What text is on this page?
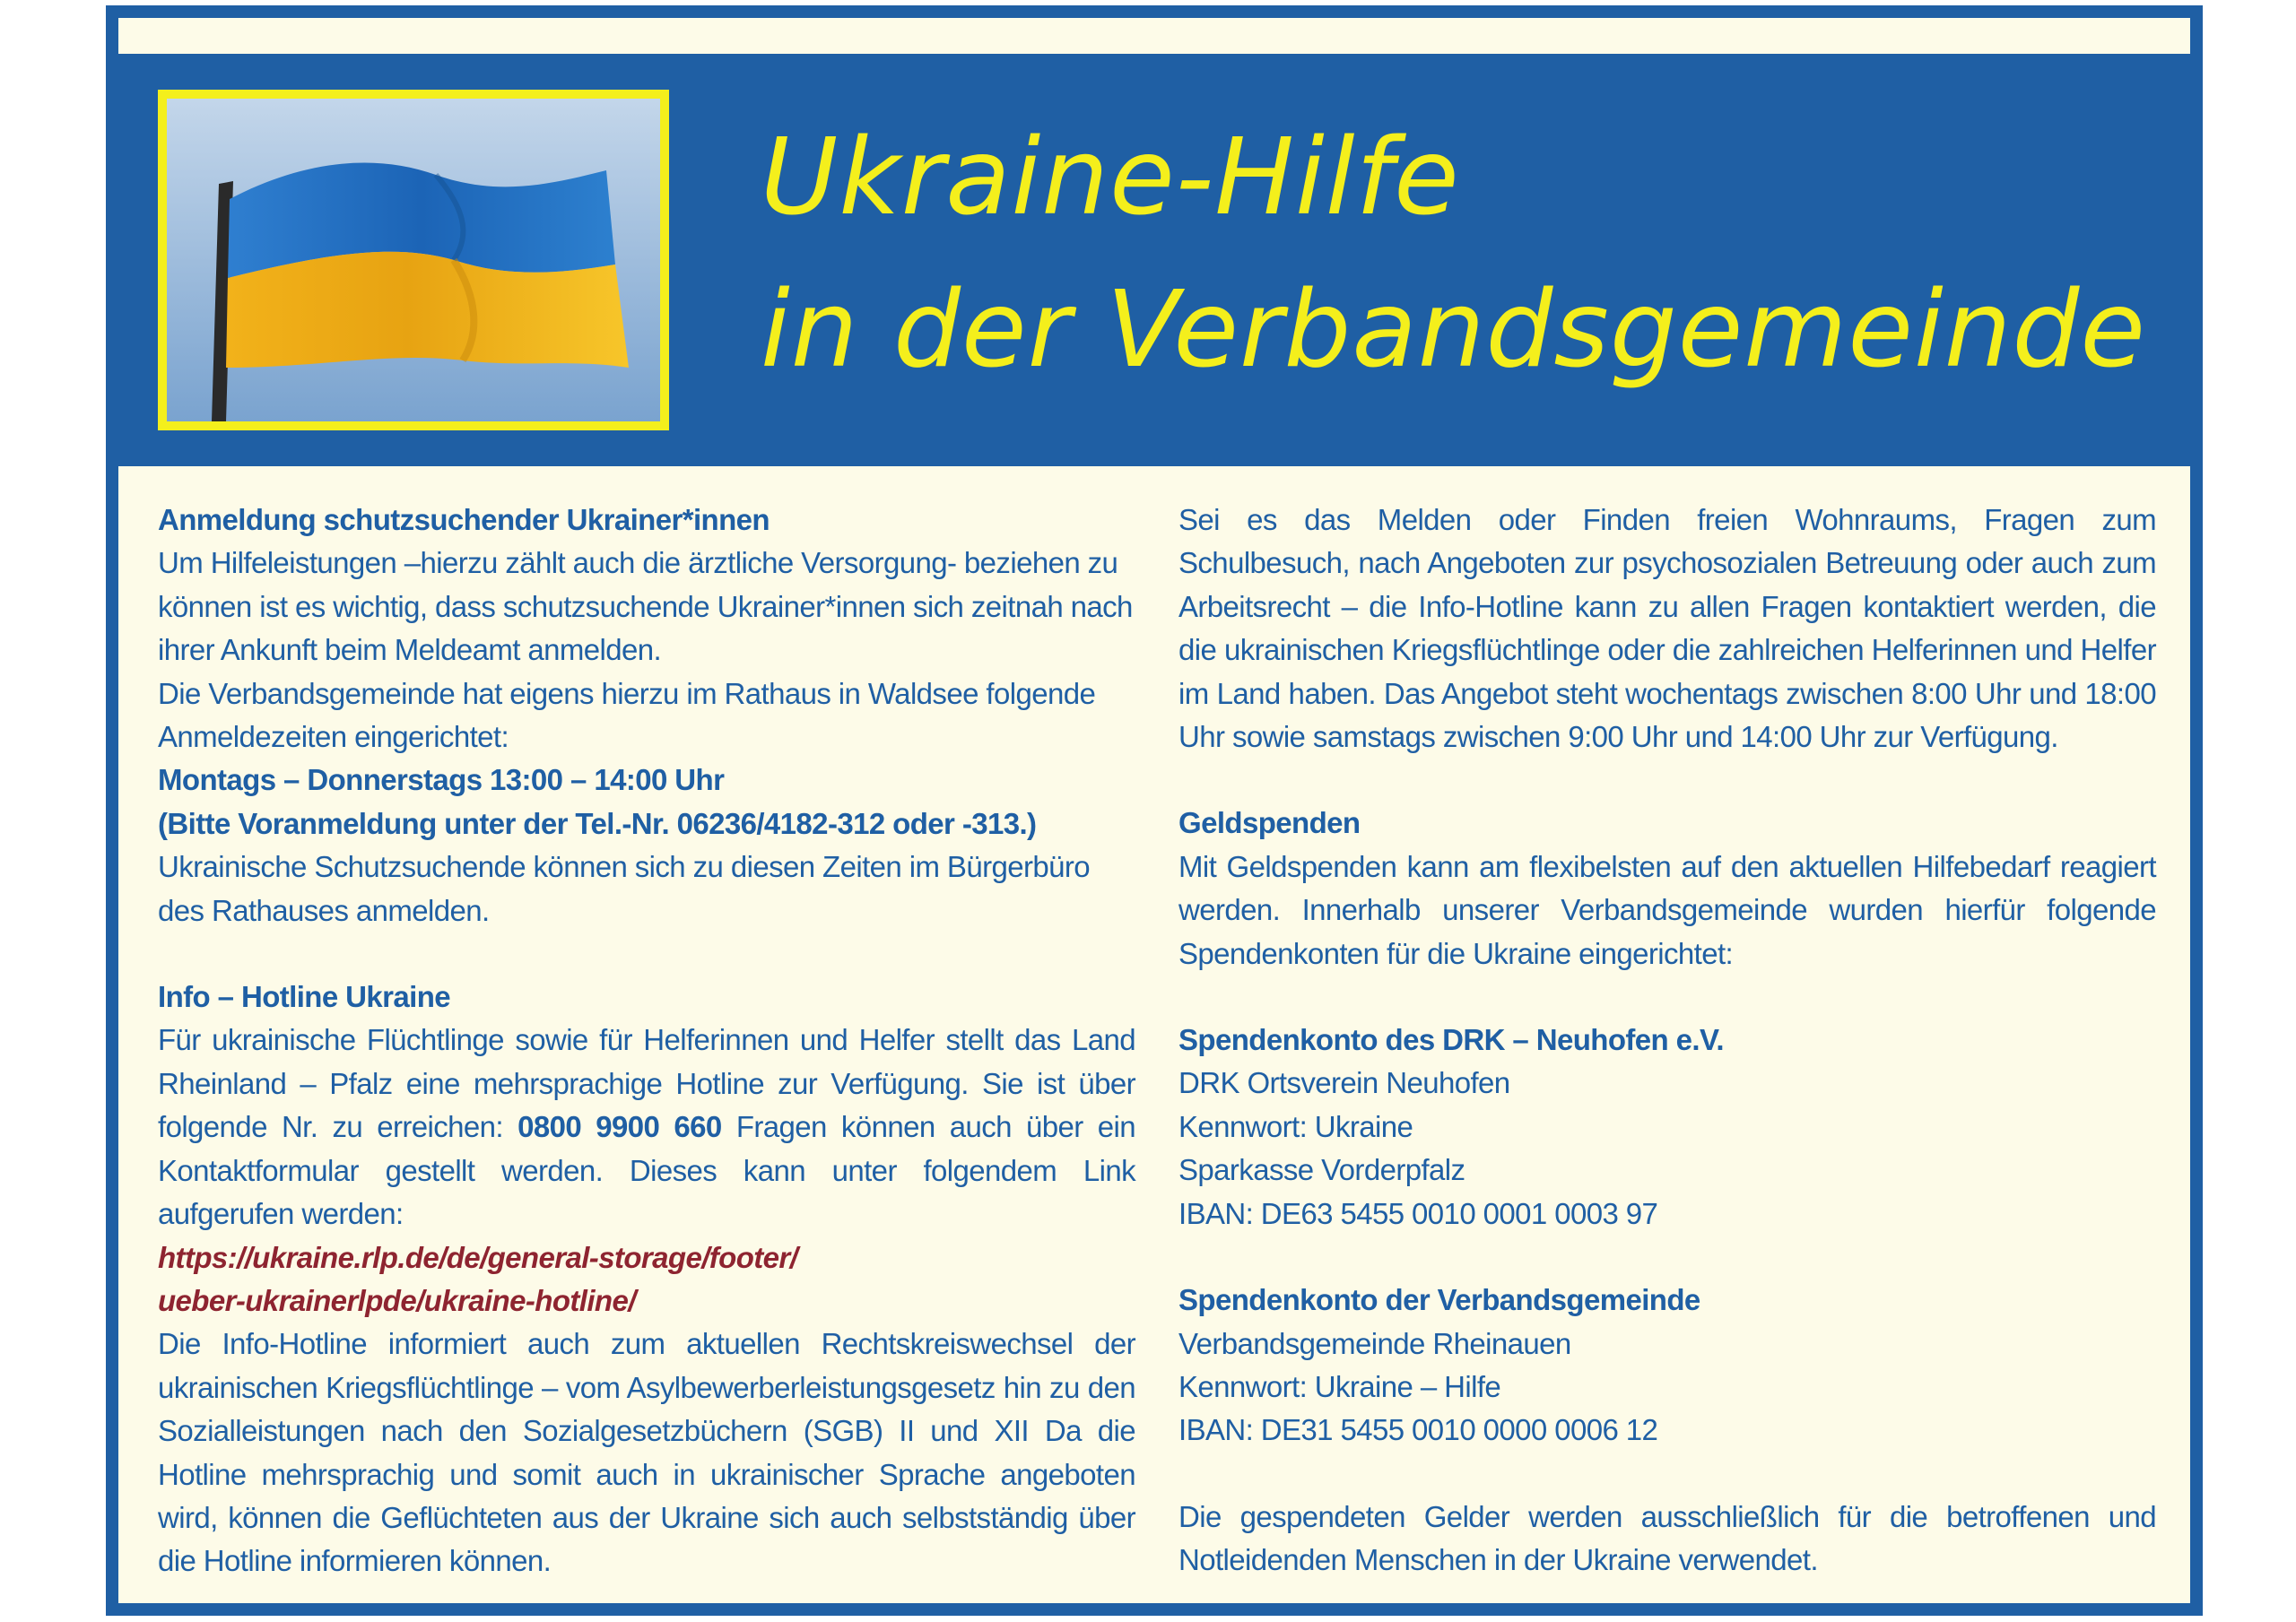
Ukraine-Hilfe
in der Verbandsgemeinde

Anmeldung schutzsuchender Ukrainer*innen

Um Hilfeleistungen –hierzu zählt auch die ärztliche Versorgung- beziehen zu können ist es wichtig, dass schutzsuchende Ukrainer*innen sich zeitnah nach ihrer Ankunft beim Meldeamt anmelden.

Die Verbandsgemeinde hat eigens hierzu im Rathaus in Waldsee folgende Anmeldezeiten eingerichtet:

Montags – Donnerstags 13:00 – 14:00 Uhr

(Bitte Voranmeldung unter der Tel.-Nr. 06236/4182-312 oder -313.)

Ukrainische Schutzsuchende können sich zu diesen Zeiten im Bürgerbüro des Rathauses anmelden.

Info – Hotline Ukraine

Für ukrainische Flüchtlinge sowie für Helferinnen und Helfer stellt das Land Rheinland – Pfalz eine mehrsprachige Hotline zur Verfügung. Sie ist über folgende Nr. zu erreichen: 0800 9900 660 Fragen können auch über ein Kontaktformular gestellt werden. Dieses kann unter folgendem Link aufgerufen werden:

https://ukraine.rlp.de/de/general-storage/footer/

ueber-ukrainerlpde/ukraine-hotline/

Die Info-Hotline informiert auch zum aktuellen Rechtskreiswechsel der ukrainischen Kriegsflüchtlinge – vom Asylbewerberleistungsgesetz hin zu den Sozialleistungen nach den Sozialgesetzbüchern (SGB) II und XII Da die Hotline mehrsprachig und somit auch in ukrainischer Sprache angeboten wird, können die Geflüchteten aus der Ukraine sich auch selbstständig über die Hotline informieren können.

Sei es das Melden oder Finden freien Wohnraums, Fragen zum Schulbesuch, nach Angeboten zur psychosozialen Betreuung oder auch zum Arbeitsrecht – die Info-Hotline kann zu allen Fragen kontaktiert werden, die die ukrainischen Kriegsflüchtlinge oder die zahlreichen Helferinnen und Helfer im Land haben. Das Angebot steht wochentags zwischen 8:00 Uhr und 18:00 Uhr sowie samstags zwischen 9:00 Uhr und 14:00 Uhr zur Verfügung.

Geldspenden

Mit Geldspenden kann am flexibelsten auf den aktuellen Hilfebedarf reagiert werden. Innerhalb unserer Verbandsgemeinde wurden hierfür folgende Spendenkonten für die Ukraine eingerichtet:

Spendenkonto des DRK – Neuhofen e.V.

DRK Ortsverein Neuhofen

Kennwort: Ukraine

Sparkasse Vorderpfalz

IBAN: DE63 5455 0010 0001 0003 97

Spendenkonto der Verbandsgemeinde

Verbandsgemeinde Rheinauen

Kennwort: Ukraine – Hilfe

IBAN: DE31 5455 0010 0000 0006 12

Die gespendeten Gelder werden ausschließlich für die betroffenen und Notleidenden Menschen in der Ukraine verwendet.
